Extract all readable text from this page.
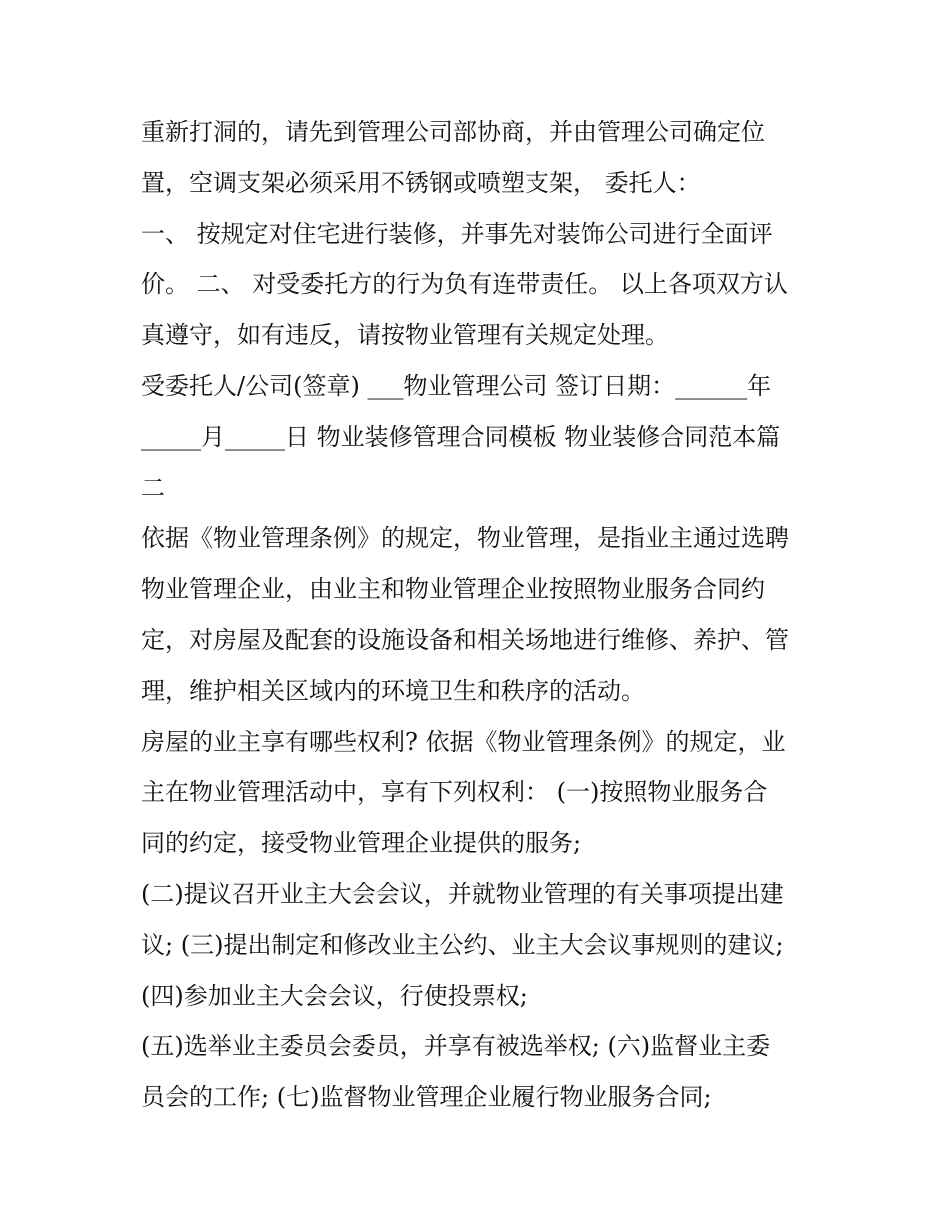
重新打洞的，请先到管理公司部协商，并由管理公司确定位

置，空调支架必须采用不锈钢或喷塑支架， 委托人：

一、 按规定对住宅进行装修，并事先对装饰公司进行全面评

价。 二、 对受委托方的行为负有连带责任。 以上各项双方认

真遵守，如有违反，请按物业管理有关规定处理。

受委托人/公司(签章) ___物业管理公司 签订日期：______年

_____月_____日 物业装修管理合同模板 物业装修合同范本篇

二

依据《物业管理条例》的规定，物业管理，是指业主通过选聘

物业管理企业，由业主和物业管理企业按照物业服务合同约

定，对房屋及配套的设施设备和相关场地进行维修、养护、管

理，维护相关区域内的环境卫生和秩序的活动。

房屋的业主享有哪些权利? 依据《物业管理条例》的规定，业

主在物业管理活动中，享有下列权利： (一)按照物业服务合

同的约定，接受物业管理企业提供的服务;

(二)提议召开业主大会会议，并就物业管理的有关事项提出建

议; (三)提出制定和修改业主公约、业主大会议事规则的建议;

(四)参加业主大会会议，行使投票权;

(五)选举业主委员会委员，并享有被选举权; (六)监督业主委

员会的工作; (七)监督物业管理企业履行物业服务合同;
